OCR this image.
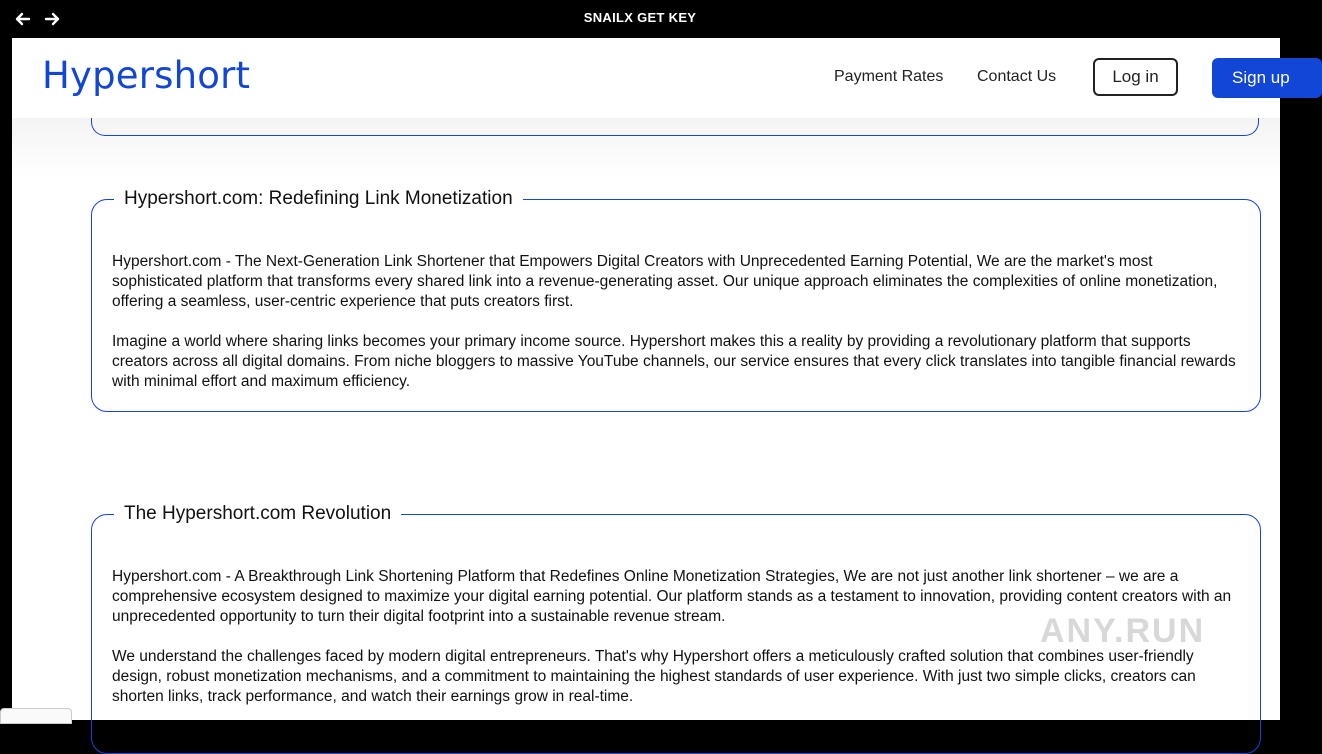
SNAILX GET KEY
Hypershort	Payment Rates Contact Us	Log in	Sign up
Hypershort.com: Redefining Link Monetization

Hypershort.com - The Next-Generation Link Shortener that Empowers Digital Creators with Unprecedented Earning Potential, We are the market's most sophisticated platform that transforms every shared link into a revenue-generating asset. Our unique approach eliminates the complexities of online monetization, offering a seamless, user-centric experience that puts creators first.

Imagine a world where sharing links becomes your primary income source. Hypershort makes this a reality by providing a revolutionary platform that supports creators across all digital domains. From niche bloggers to massive YouTube channels, our service ensures that every click translates into tangible financial rewards with minimal effort and maximum efficiency.

The Hypershort.com Revolution

Hypershort.com - A Breakthrough Link Shortening Platform that Redefines Online Monetization Strategies, We are not just another link shortener – we are a comprehensive ecosystem designed to maximize your digital earning potential. Our platform stands as a testament to innovation, providing content creators with an unprecedented opportunity to turn their digital footprint into a sustainable revenue stream.

We understand the challenges faced by modern digital entrepreneurs. That's why Hypershort offers a meticulously crafted solution that combines user-friendly design, robust monetization mechanisms, and a commitment to maintaining the highest standards of user experience. With just two simple clicks, creators can shorten links, track performance, and watch their earnings grow in real-time.

ANY.RUN
